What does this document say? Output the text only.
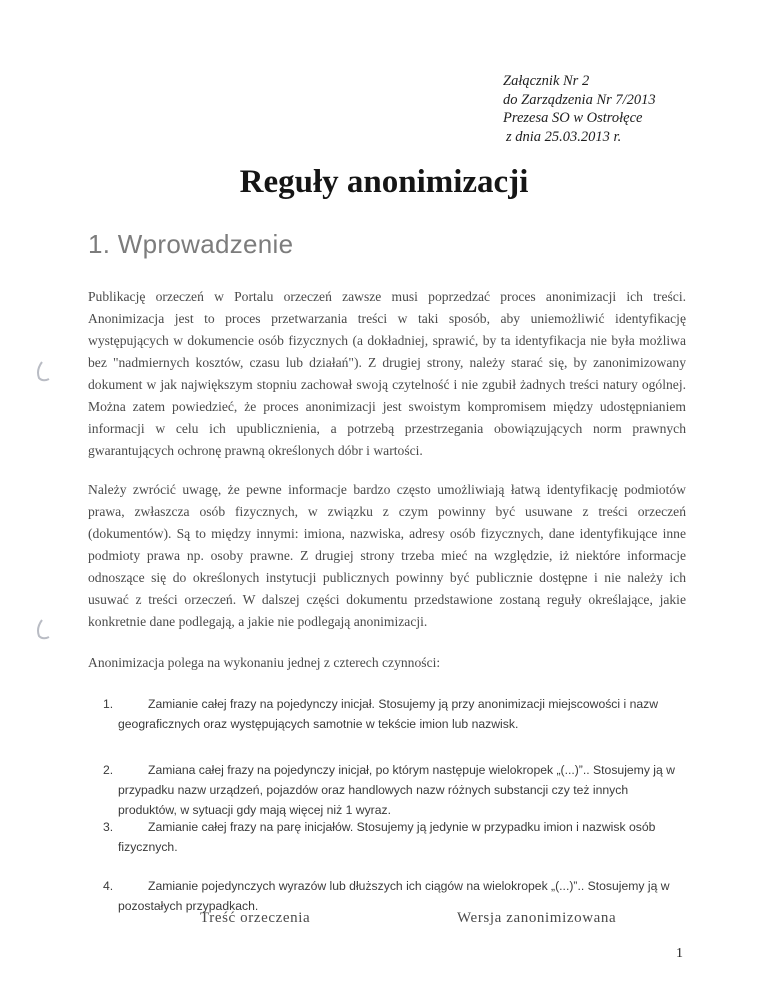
Załącznik Nr 2
do Zarządzenia Nr 7/2013
Prezesa SO w Ostrołęce
z dnia 25.03.2013 r.
Reguły anonimizacji
1. Wprowadzenie

Publikację orzeczeń w Portalu orzeczeń zawsze musi poprzedzać proces anonimizacji ich treści. Anonimizacja jest to proces przetwarzania treści w taki sposób, aby uniemożliwić identyfikację występujących w dokumencie osób fizycznych (a dokładniej, sprawić, by ta identyfikacja nie była możliwa bez "nadmiernych kosztów, czasu lub działań"). Z drugiej strony, należy starać się, by zanonimizowany dokument w jak największym stopniu zachował swoją czytelność i nie zgubił żadnych treści natury ogólnej. Można zatem powiedzieć, że proces anonimizacji jest swoistym kompromisem między udostępnianiem informacji w celu ich upublicznienia, a potrzebą przestrzegania obowiązujących norm prawnych gwarantujących ochronę prawną określonych dóbr i wartości.

Należy zwrócić uwagę, że pewne informacje bardzo często umożliwiają łatwą identyfikację podmiotów prawa, zwłaszcza osób fizycznych, w związku z czym powinny być usuwane z treści orzeczeń (dokumentów). Są to między innymi: imiona, nazwiska, adresy osób fizycznych, dane identyfikujące inne podmioty prawa np. osoby prawne. Z drugiej strony trzeba mieć na względzie, iż niektóre informacje odnoszące się do określonych instytucji publicznych powinny być publicznie dostępne i nie należy ich usuwać z treści orzeczeń. W dalszej części dokumentu przedstawione zostaną reguły określające, jakie konkretnie dane podlegają, a jakie nie podlegają anonimizacji.

Anonimizacja polega na wykonaniu jednej z czterech czynności:

1.	Zamianie całej frazy na pojedynczy inicjał. Stosujemy ją przy anonimizacji miejscowości i nazw geograficznych oraz występujących samotnie w tekście imion lub nazwisk.
2.	Zamiana całej frazy na pojedynczy inicjał, po którym następuje wielokropek „(...)”.. Stosujemy ją w przypadku nazw urządzeń, pojazdów oraz handlowych nazw różnych substancji czy też innych produktów, w sytuacji gdy mają więcej niż 1 wyraz.
3.	Zamianie całej frazy na parę inicjałów. Stosujemy ją jedynie w przypadku imion i nazwisk osób fizycznych.
4.	Zamianie pojedynczych wyrazów lub dłuższych ich ciągów na wielokropek „(...)”.. Stosujemy ją w pozostałych przypadkach.
Treść orzeczenia	Wersja zanonimizowana
1
